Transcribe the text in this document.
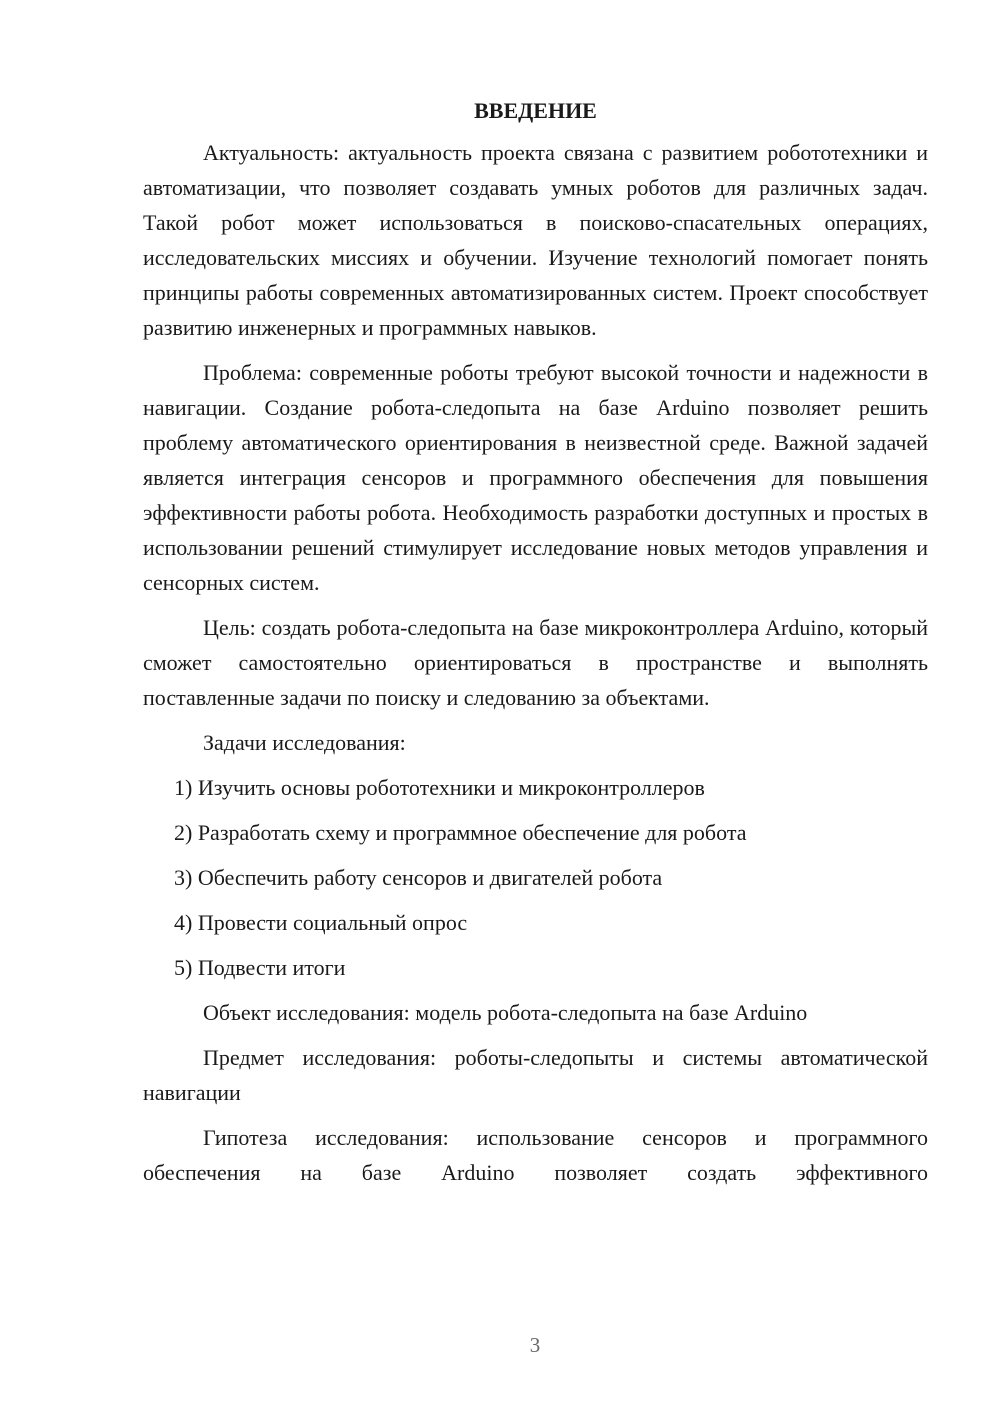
ВВЕДЕНИЕ

Актуальность: актуальность проекта связана с развитием робототехники и автоматизации, что позволяет создавать умных роботов для различных задач. Такой робот может использоваться в поисково-спасательных операциях, исследовательских миссиях и обучении. Изучение технологий помогает понять принципы работы современных автоматизированных систем. Проект способствует развитию инженерных и программных навыков.

Проблема: современные роботы требуют высокой точности и надежности в навигации. Создание робота-следопыта на базе Arduino позволяет решить проблему автоматического ориентирования в неизвестной среде. Важной задачей является интеграция сенсоров и программного обеспечения для повышения эффективности работы робота. Необходимость разработки доступных и простых в использовании решений стимулирует исследование новых методов управления и сенсорных систем.

Цель: создать робота-следопыта на базе микроконтроллера Arduino, который сможет самостоятельно ориентироваться в пространстве и выполнять поставленные задачи по поиску и следованию за объектами.

Задачи исследования:

1) Изучить основы робототехники и микроконтроллеров
2) Разработать схему и программное обеспечение для робота
3) Обеспечить работу сенсоров и двигателей робота
4) Провести социальный опрос
5) Подвести итоги

Объект исследования: модель робота-следопыта на базе Arduino

Предмет исследования: роботы-следопыты и системы автоматической навигации

Гипотеза исследования: использование сенсоров и программного обеспечения на базе Arduino позволяет создать эффективного

3
